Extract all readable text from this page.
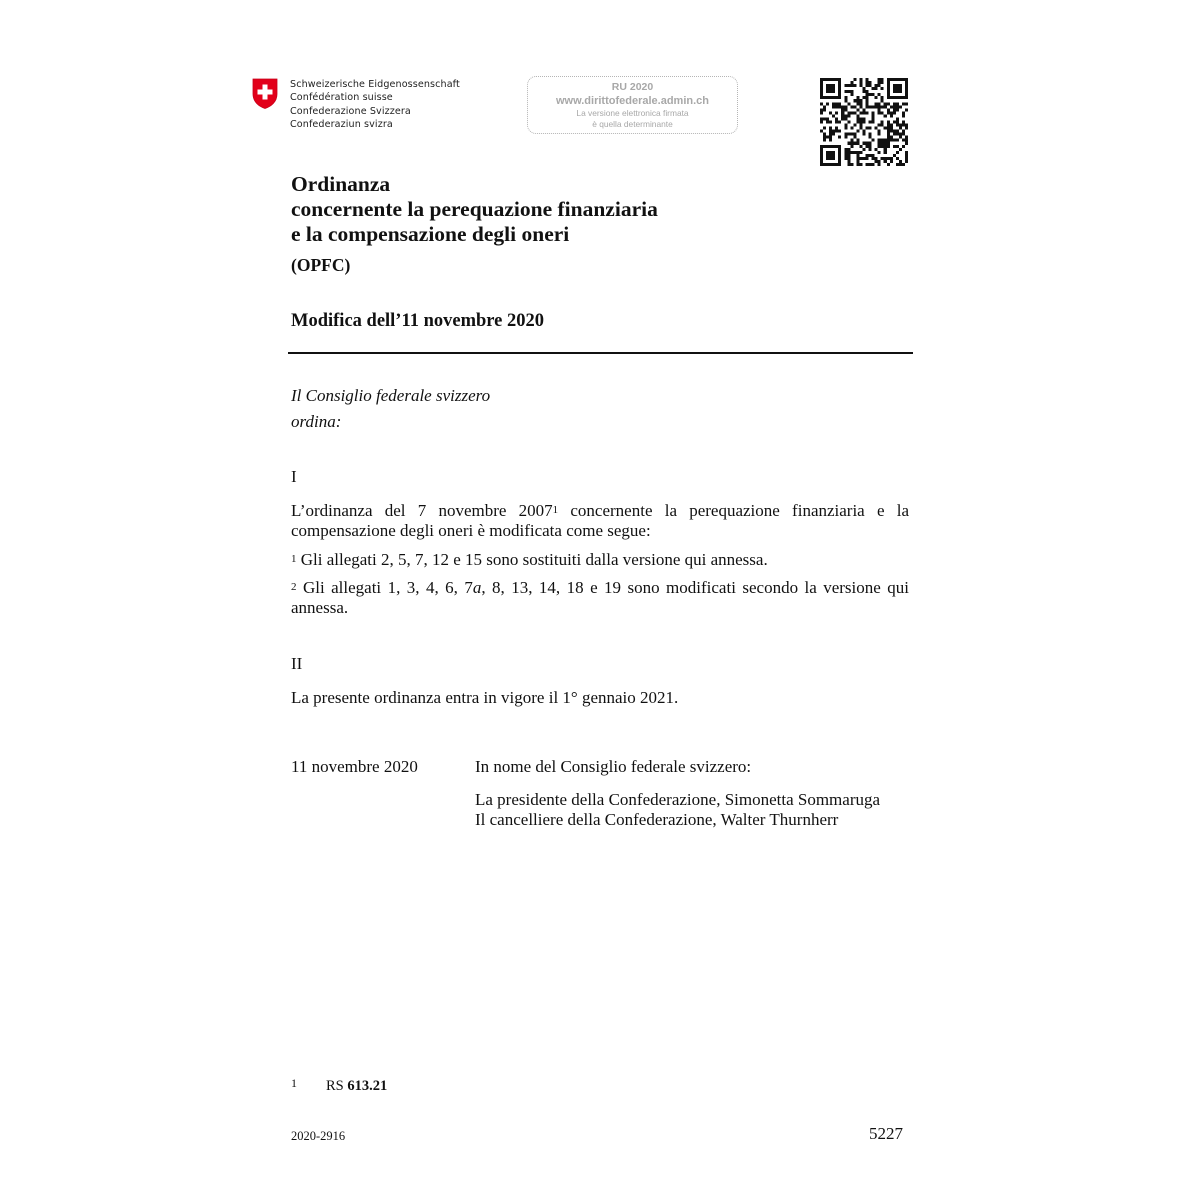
Schweizerische Eidgenossenschaft
Confédération suisse
Confederazione Svizzera
Confederaziun svizra
RU 2020
www.dirittofederale.admin.ch
La versione elettronica firmata
è quella determinante
Ordinanza
concernente la perequazione finanziaria
e la compensazione degli oneri
(OPFC)
Modifica dell’11 novembre 2020
Il Consiglio federale svizzero
ordina:
I
L’ordinanza del 7 novembre 2007$^1$ concernente la perequazione finanziaria e la compensazione degli oneri è modificata come segue:
$^1$ Gli allegati 2, 5, 7, 12 e 15 sono sostituiti dalla versione qui annessa.
$^2$ Gli allegati 1, 3, 4, 6, 7a, 8, 13, 14, 18 e 19 sono modificati secondo la versione qui annessa.
II
La presente ordinanza entra in vigore il 1° gennaio 2021.
11 novembre 2020	In nome del Consiglio federale svizzero:
La presidente della Confederazione, Simonetta Sommaruga
Il cancelliere della Confederazione, Walter Thurnherr
1 RS 613.21
2020-2916	5227
